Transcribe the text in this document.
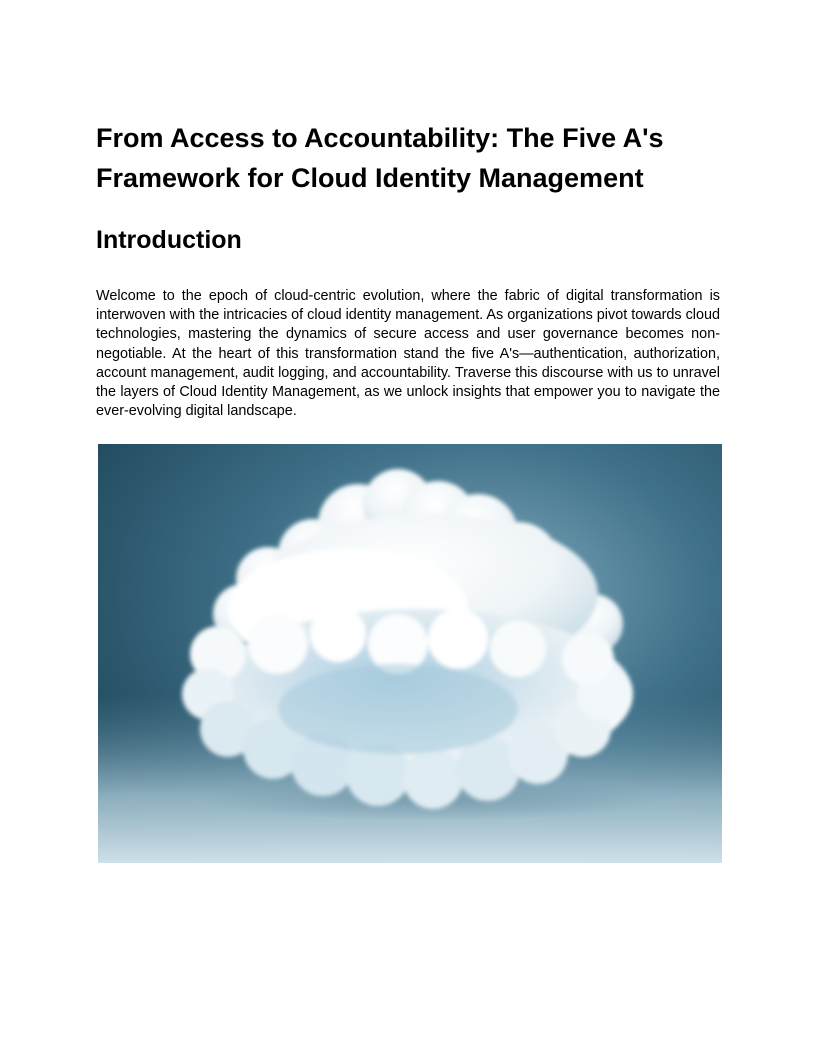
From Access to Accountability: The Five A's Framework for Cloud Identity Management
Introduction

Welcome to the epoch of cloud-centric evolution, where the fabric of digital transformation is interwoven with the intricacies of cloud identity management. As organizations pivot towards cloud technologies, mastering the dynamics of secure access and user governance becomes non-negotiable. At the heart of this transformation stand the five A's—authentication, authorization, account management, audit logging, and accountability. Traverse this discourse with us to unravel the layers of Cloud Identity Management, as we unlock insights that empower you to navigate the ever-evolving digital landscape.
